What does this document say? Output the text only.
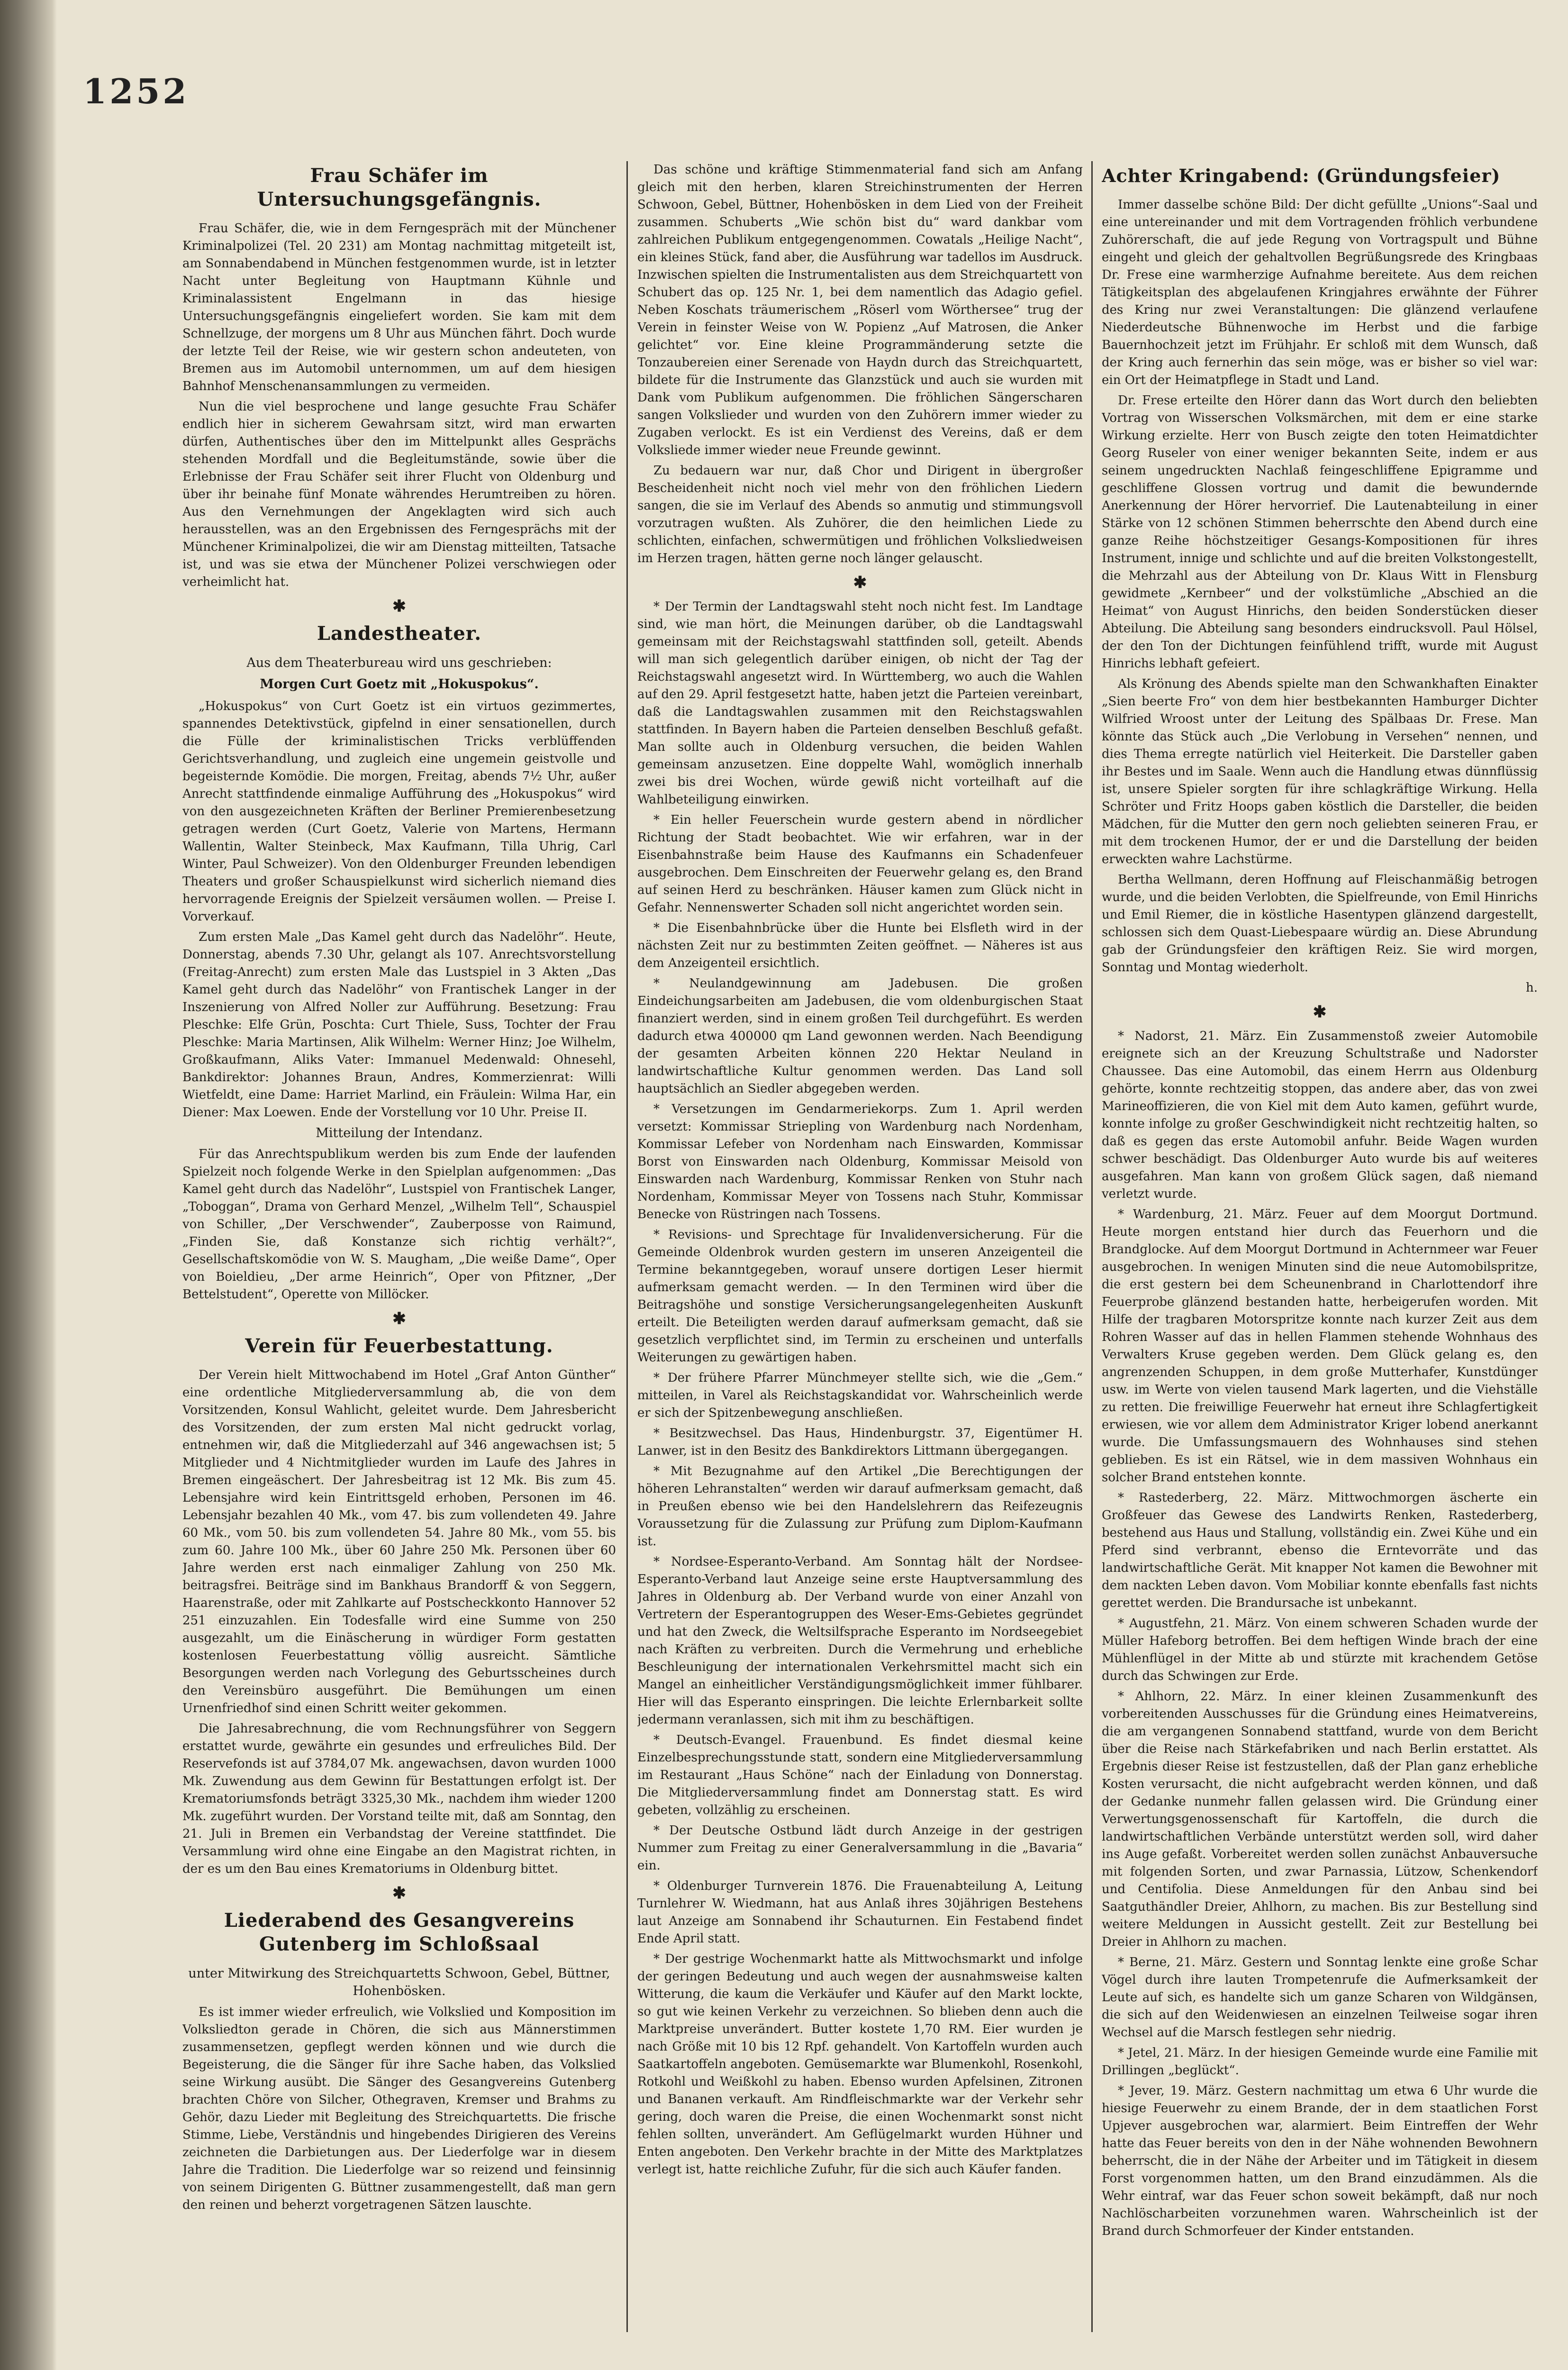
1252
Frau Schäfer im Untersuchungsgefängnis.

Frau Schäfer, die, wie in dem Ferngespräch mit der Münchener Kriminalpolizei (Tel. 20 231) am Montag nachmittag mitgeteilt ist, am Sonnabendabend in München festgenommen wurde, ist in letzter Nacht unter Begleitung von Hauptmann Kühnle und Kriminalassistent Engelmann in das hiesige Untersuchungsgefängnis eingeliefert worden. Sie kam mit dem Schnellzuge, der morgens um 8 Uhr aus München fährt. Doch wurde der letzte Teil der Reise, wie wir gestern schon andeuteten, von Bremen aus im Automobil unternommen, um auf dem hiesigen Bahnhof Menschenansammlungen zu vermeiden.

Nun die viel besprochene und lange gesuchte Frau Schäfer endlich hier in sicherem Gewahrsam sitzt, wird man erwarten dürfen, Authentisches über den im Mittelpunkt alles Gesprächs stehenden Mordfall und die Begleitumstände, sowie über die Erlebnisse der Frau Schäfer seit ihrer Flucht von Oldenburg und über ihr beinahe fünf Monate währendes Herumtreiben zu hören. Aus den Vernehmungen der Angeklagten wird sich auch herausstellen, was an den Ergebnissen des Ferngesprächs mit der Münchener Kriminalpolizei, die wir am Dienstag mitteilten, Tatsache ist, und was sie etwa der Münchener Polizei verschwiegen oder verheimlicht hat.

✱
Landestheater.
Aus dem Theaterbureau wird uns geschrieben:
Morgen Curt Goetz mit „Hokuspokus“.

„Hokuspokus“ von Curt Goetz ist ein virtuos gezimmertes, spannendes Detektivstück, gipfelnd in einer sensationellen, durch die Fülle der kriminalistischen Tricks verblüffenden Gerichtsverhandlung, und zugleich eine ungemein geistvolle und begeisternde Komödie. Die morgen, Freitag, abends 7½ Uhr, außer Anrecht stattfindende einmalige Aufführung des „Hokuspokus“ wird von den ausgezeichneten Kräften der Berliner Premierenbesetzung getragen werden (Curt Goetz, Valerie von Martens, Hermann Wallentin, Walter Steinbeck, Max Kaufmann, Tilla Uhrig, Carl Winter, Paul Schweizer). Von den Oldenburger Freunden lebendigen Theaters und großer Schauspielkunst wird sicherlich niemand dies hervorragende Ereignis der Spielzeit versäumen wollen. — Preise I. Vorverkauf.

Zum ersten Male „Das Kamel geht durch das Nadelöhr“. Heute, Donnerstag, abends 7.30 Uhr, gelangt als 107. Anrechtsvorstellung (Freitag-Anrecht) zum ersten Male das Lustspiel in 3 Akten „Das Kamel geht durch das Nadelöhr“ von Frantischek Langer in der Inszenierung von Alfred Noller zur Aufführung. Besetzung: Frau Pleschke: Elfe Grün, Poschta: Curt Thiele, Suss, Tochter der Frau Pleschke: Maria Martinsen, Alik Wilhelm: Werner Hinz; Joe Wilhelm, Großkaufmann, Aliks Vater: Immanuel Medenwald: Ohnesehl, Bankdirektor: Johannes Braun, Andres, Kommerzienrat: Willi Wietfeldt, eine Dame: Harriet Marlind, ein Fräulein: Wilma Har, ein Diener: Max Loewen. Ende der Vorstellung vor 10 Uhr. Preise II.

Mitteilung der Intendanz.

Für das Anrechtspublikum werden bis zum Ende der laufenden Spielzeit noch folgende Werke in den Spielplan aufgenommen: „Das Kamel geht durch das Nadelöhr“, Lustspiel von Frantischek Langer, „Toboggan“, Drama von Gerhard Menzel, „Wilhelm Tell“, Schauspiel von Schiller, „Der Verschwender“, Zauberposse von Raimund, „Finden Sie, daß Konstanze sich richtig verhält?“, Gesellschaftskomödie von W. S. Maugham, „Die weiße Dame“, Oper von Boieldieu, „Der arme Heinrich“, Oper von Pfitzner, „Der Bettelstudent“, Operette von Millöcker.

✱
Verein für Feuerbestattung.

Der Verein hielt Mittwochabend im Hotel „Graf Anton Günther“ eine ordentliche Mitgliederversammlung ab, die von dem Vorsitzenden, Konsul Wahlicht, geleitet wurde. Dem Jahresbericht des Vorsitzenden, der zum ersten Mal nicht gedruckt vorlag, entnehmen wir, daß die Mitgliederzahl auf 346 angewachsen ist; 5 Mitglieder und 4 Nichtmitglieder wurden im Laufe des Jahres in Bremen eingeäschert. Der Jahresbeitrag ist 12 Mk. Bis zum 45. Lebensjahre wird kein Eintrittsgeld erhoben, Personen im 46. Lebensjahr bezahlen 40 Mk., vom 47. bis zum vollendeten 49. Jahre 60 Mk., vom 50. bis zum vollendeten 54. Jahre 80 Mk., vom 55. bis zum 60. Jahre 100 Mk., über 60 Jahre 250 Mk. Personen über 60 Jahre werden erst nach einmaliger Zahlung von 250 Mk. beitragsfrei. Beiträge sind im Bankhaus Brandorff & von Seggern, Haarenstraße, oder mit Zahlkarte auf Postscheckkonto Hannover 52 251 einzuzahlen. Ein Todesfalle wird eine Summe von 250 ausgezahlt, um die Einäscherung in würdiger Form gestatten kostenlosen Feuerbestattung völlig ausreicht. Sämtliche Besorgungen werden nach Vorlegung des Geburtsscheines durch den Vereinsbüro ausgeführt. Die Bemühungen um einen Urnenfriedhof sind einen Schritt weiter gekommen.

Die Jahresabrechnung, die vom Rechnungsführer von Seggern erstattet wurde, gewährte ein gesundes und erfreuliches Bild. Der Reservefonds ist auf 3784,07 Mk. angewachsen, davon wurden 1000 Mk. Zuwendung aus dem Gewinn für Bestattungen erfolgt ist. Der Krematoriumsfonds beträgt 3325,30 Mk., nachdem ihm wieder 1200 Mk. zugeführt wurden. Der Vorstand teilte mit, daß am Sonntag, den 21. Juli in Bremen ein Verbandstag der Vereine stattfindet. Die Versammlung wird ohne eine Eingabe an den Magistrat richten, in der es um den Bau eines Krematoriums in Oldenburg bittet.

✱
Liederabend des Gesangvereins Gutenberg im Schloßsaal
unter Mitwirkung des Streichquartetts Schwoon, Gebel, Büttner, Hohenbösken.

Es ist immer wieder erfreulich, wie Volkslied und Komposition im Volksliedton gerade in Chören, die sich aus Männerstimmen zusammensetzen, gepflegt werden können und wie durch die Begeisterung, die die Sänger für ihre Sache haben, das Volkslied seine Wirkung ausübt. Die Sänger des Gesangvereins Gutenberg brachten Chöre von Silcher, Othegraven, Kremser und Brahms zu Gehör, dazu Lieder mit Begleitung des Streichquartetts. Die frische Stimme, Liebe, Verständnis und hingebendes Dirigieren des Vereins zeichneten die Darbietungen aus. Der Liederfolge war in diesem Jahre die Tradition. Die Liederfolge war so reizend und feinsinnig von seinem Dirigenten G. Büttner zusammengestellt, daß man gern den reinen und beherzt vorgetragenen Sätzen lauschte.

Das schöne und kräftige Stimmenmaterial fand sich am Anfang gleich mit den herben, klaren Streichinstrumenten der Herren Schwoon, Gebel, Büttner, Hohenbösken in dem Lied von der Freiheit zusammen. Schuberts „Wie schön bist du“ ward dankbar vom zahlreichen Publikum entgegengenommen. Cowatals „Heilige Nacht“, ein kleines Stück, fand aber, die Ausführung war tadellos im Ausdruck. Inzwischen spielten die Instrumentalisten aus dem Streichquartett von Schubert das op. 125 Nr. 1, bei dem namentlich das Adagio gefiel. Neben Koschats träumerischem „Röserl vom Wörthersee“ trug der Verein in feinster Weise von W. Popienz „Auf Matrosen, die Anker gelichtet“ vor. Eine kleine Programmänderung setzte die Tonzaubereien einer Serenade von Haydn durch das Streichquartett, bildete für die Instrumente das Glanzstück und auch sie wurden mit Dank vom Publikum aufgenommen. Die fröhlichen Sängerscharen sangen Volkslieder und wurden von den Zuhörern immer wieder zu Zugaben verlockt. Es ist ein Verdienst des Vereins, daß er dem Volksliede immer wieder neue Freunde gewinnt.

Zu bedauern war nur, daß Chor und Dirigent in übergroßer Bescheidenheit nicht noch viel mehr von den fröhlichen Liedern sangen, die sie im Verlauf des Abends so anmutig und stimmungsvoll vorzutragen wußten. Als Zuhörer, die den heimlichen Liede zu schlichten, einfachen, schwermütigen und fröhlichen Volksliedweisen im Herzen tragen, hätten gerne noch länger gelauscht.

✱

* Der Termin der Landtagswahl steht noch nicht fest. Im Landtage sind, wie man hört, die Meinungen darüber, ob die Landtagswahl gemeinsam mit der Reichstagswahl stattfinden soll, geteilt. Abends will man sich gelegentlich darüber einigen, ob nicht der Tag der Reichstagswahl angesetzt wird. In Württemberg, wo auch die Wahlen auf den 29. April festgesetzt hatte, haben jetzt die Parteien vereinbart, daß die Landtagswahlen zusammen mit den Reichstagswahlen stattfinden. In Bayern haben die Parteien denselben Beschluß gefaßt. Man sollte auch in Oldenburg versuchen, die beiden Wahlen gemeinsam anzusetzen. Eine doppelte Wahl, womöglich innerhalb zwei bis drei Wochen, würde gewiß nicht vorteilhaft auf die Wahlbeteiligung einwirken.

* Ein heller Feuerschein wurde gestern abend in nördlicher Richtung der Stadt beobachtet. Wie wir erfahren, war in der Eisenbahnstraße beim Hause des Kaufmanns ein Schadenfeuer ausgebrochen. Dem Einschreiten der Feuerwehr gelang es, den Brand auf seinen Herd zu beschränken. Häuser kamen zum Glück nicht in Gefahr. Nennenswerter Schaden soll nicht angerichtet worden sein.

* Die Eisenbahnbrücke über die Hunte bei Elsfleth wird in der nächsten Zeit nur zu bestimmten Zeiten geöffnet. — Näheres ist aus dem Anzeigenteil ersichtlich.

* Neulandgewinnung am Jadebusen. Die großen Eindeichungsarbeiten am Jadebusen, die vom oldenburgischen Staat finanziert werden, sind in einem großen Teil durchgeführt. Es werden dadurch etwa 400000 qm Land gewonnen werden. Nach Beendigung der gesamten Arbeiten können 220 Hektar Neuland in landwirtschaftliche Kultur genommen werden. Das Land soll hauptsächlich an Siedler abgegeben werden.

* Versetzungen im Gendarmeriekorps. Zum 1. April werden versetzt: Kommissar Striepling von Wardenburg nach Nordenham, Kommissar Lefeber von Nordenham nach Einswarden, Kommissar Borst von Einswarden nach Oldenburg, Kommissar Meisold von Einswarden nach Wardenburg, Kommissar Renken von Stuhr nach Nordenham, Kommissar Meyer von Tossens nach Stuhr, Kommissar Benecke von Rüstringen nach Tossens.

* Revisions- und Sprechtage für Invalidenversicherung. Für die Gemeinde Oldenbrok wurden gestern im unseren Anzeigenteil die Termine bekanntgegeben, worauf unsere dortigen Leser hiermit aufmerksam gemacht werden. — In den Terminen wird über die Beitragshöhe und sonstige Versicherungsangelegenheiten Auskunft erteilt. Die Beteiligten werden darauf aufmerksam gemacht, daß sie gesetzlich verpflichtet sind, im Termin zu erscheinen und unterfalls Weiterungen zu gewärtigen haben.

* Der frühere Pfarrer Münchmeyer stellte sich, wie die „Gem.“ mitteilen, in Varel als Reichstagskandidat vor. Wahrscheinlich werde er sich der Spitzenbewegung anschließen.

* Besitzwechsel. Das Haus, Hindenburgstr. 37, Eigentümer H. Lanwer, ist in den Besitz des Bankdirektors Littmann übergegangen.

* Mit Bezugnahme auf den Artikel „Die Berechtigungen der höheren Lehranstalten“ werden wir darauf aufmerksam gemacht, daß in Preußen ebenso wie bei den Handelslehrern das Reifezeugnis Voraussetzung für die Zulassung zur Prüfung zum Diplom-Kaufmann ist.

* Nordsee-Esperanto-Verband. Am Sonntag hält der Nordsee-Esperanto-Verband laut Anzeige seine erste Hauptversammlung des Jahres in Oldenburg ab. Der Verband wurde von einer Anzahl von Vertretern der Esperantogruppen des Weser-Ems-Gebietes gegründet und hat den Zweck, die Weltsilfsprache Esperanto im Nordseegebiet nach Kräften zu verbreiten. Durch die Vermehrung und erhebliche Beschleunigung der internationalen Verkehrsmittel macht sich ein Mangel an einheitlicher Verständigungsmöglichkeit immer fühlbarer. Hier will das Esperanto einspringen. Die leichte Erlernbarkeit sollte jedermann veranlassen, sich mit ihm zu beschäftigen.

* Deutsch-Evangel. Frauenbund. Es findet diesmal keine Einzelbesprechungsstunde statt, sondern eine Mitgliederversammlung im Restaurant „Haus Schöne“ nach der Einladung von Donnerstag. Die Mitgliederversammlung findet am Donnerstag statt. Es wird gebeten, vollzählig zu erscheinen.

* Der Deutsche Ostbund lädt durch Anzeige in der gestrigen Nummer zum Freitag zu einer Generalversammlung in die „Bavaria“ ein.

* Oldenburger Turnverein 1876. Die Frauenabteilung A, Leitung Turnlehrer W. Wiedmann, hat aus Anlaß ihres 30jährigen Bestehens laut Anzeige am Sonnabend ihr Schauturnen. Ein Festabend findet Ende April statt.

* Der gestrige Wochenmarkt hatte als Mittwochsmarkt und infolge der geringen Bedeutung und auch wegen der ausnahmsweise kalten Witterung, die kaum die Verkäufer und Käufer auf den Markt lockte, so gut wie keinen Verkehr zu verzeichnen. So blieben denn auch die Marktpreise unverändert. Butter kostete 1,70 RM. Eier wurden je nach Größe mit 10 bis 12 Rpf. gehandelt. Von Kartoffeln wurden auch Saatkartoffeln angeboten. Gemüsemarkte war Blumenkohl, Rosenkohl, Rotkohl und Weißkohl zu haben. Ebenso wurden Apfelsinen, Zitronen und Bananen verkauft. Am Rindfleischmarkte war der Verkehr sehr gering, doch waren die Preise, die einen Wochenmarkt sonst nicht fehlen sollten, unverändert. Am Geflügelmarkt wurden Hühner und Enten angeboten. Den Verkehr brachte in der Mitte des Marktplatzes verlegt ist, hatte reichliche Zufuhr, für die sich auch Käufer fanden.

Achter Kringabend: (Gründungsfeier)

Immer dasselbe schöne Bild: Der dicht gefüllte „Unions“-Saal und eine untereinander und mit dem Vortragenden fröhlich verbundene Zuhörerschaft, die auf jede Regung von Vortragspult und Bühne eingeht und gleich der gehaltvollen Begrüßungsrede des Kringbaas Dr. Frese eine warmherzige Aufnahme bereitete. Aus dem reichen Tätigkeitsplan des abgelaufenen Kringjahres erwähnte der Führer des Kring nur zwei Veranstaltungen: Die glänzend verlaufene Niederdeutsche Bühnenwoche im Herbst und die farbige Bauernhochzeit jetzt im Frühjahr. Er schloß mit dem Wunsch, daß der Kring auch fernerhin das sein möge, was er bisher so viel war: ein Ort der Heimatpflege in Stadt und Land.

Dr. Frese erteilte den Hörer dann das Wort durch den beliebten Vortrag von Wisserschen Volksmärchen, mit dem er eine starke Wirkung erzielte. Herr von Busch zeigte den toten Heimatdichter Georg Ruseler von einer weniger bekannten Seite, indem er aus seinem ungedruckten Nachlaß feingeschliffene Epigramme und geschliffene Glossen vortrug und damit die bewundernde Anerkennung der Hörer hervorrief. Die Lautenabteilung in einer Stärke von 12 schönen Stimmen beherrschte den Abend durch eine ganze Reihe höchstzeitiger Gesangs-Kompositionen für ihres Instrument, innige und schlichte und auf die breiten Volkstongestellt, die Mehrzahl aus der Abteilung von Dr. Klaus Witt in Flensburg gewidmete „Kernbeer“ und der volkstümliche „Abschied an die Heimat“ von August Hinrichs, den beiden Sonderstücken dieser Abteilung. Die Abteilung sang besonders eindrucksvoll. Paul Hölsel, der den Ton der Dichtungen feinfühlend trifft, wurde mit August Hinrichs lebhaft gefeiert.

Als Krönung des Abends spielte man den Schwankhaften Einakter „Sien beerte Fro“ von dem hier bestbekannten Hamburger Dichter Wilfried Wroost unter der Leitung des Spälbaas Dr. Frese. Man könnte das Stück auch „Die Verlobung in Versehen“ nennen, und dies Thema erregte natürlich viel Heiterkeit. Die Darsteller gaben ihr Bestes und im Saale. Wenn auch die Handlung etwas dünnflüssig ist, unsere Spieler sorgten für ihre schlagkräftige Wirkung. Hella Schröter und Fritz Hoops gaben köstlich die Darsteller, die beiden Mädchen, für die Mutter den gern noch geliebten seineren Frau, er mit dem trockenen Humor, der er und die Darstellung der beiden erweckten wahre Lachstürme.

Bertha Wellmann, deren Hoffnung auf Fleischanmäßig betrogen wurde, und die beiden Verlobten, die Spielfreunde, von Emil Hinrichs und Emil Riemer, die in köstliche Hasentypen glänzend dargestellt, schlossen sich dem Quast-Liebespaare würdig an. Diese Abrundung gab der Gründungsfeier den kräftigen Reiz. Sie wird morgen, Sonntag und Montag wiederholt.

h.

✱

* Nadorst, 21. März. Ein Zusammenstoß zweier Automobile ereignete sich an der Kreuzung Schultstraße und Nadorster Chaussee. Das eine Automobil, das einem Herrn aus Oldenburg gehörte, konnte rechtzeitig stoppen, das andere aber, das von zwei Marineoffizieren, die von Kiel mit dem Auto kamen, geführt wurde, konnte infolge zu großer Geschwindigkeit nicht rechtzeitig halten, so daß es gegen das erste Automobil anfuhr. Beide Wagen wurden schwer beschädigt. Das Oldenburger Auto wurde bis auf weiteres ausgefahren. Man kann von großem Glück sagen, daß niemand verletzt wurde.

* Wardenburg, 21. März. Feuer auf dem Moorgut Dortmund. Heute morgen entstand hier durch das Feuerhorn und die Brandglocke. Auf dem Moorgut Dortmund in Achternmeer war Feuer ausgebrochen. In wenigen Minuten sind die neue Automobilspritze, die erst gestern bei dem Scheunenbrand in Charlottendorf ihre Feuerprobe glänzend bestanden hatte, herbeigerufen worden. Mit Hilfe der tragbaren Motorspritze konnte nach kurzer Zeit aus dem Rohren Wasser auf das in hellen Flammen stehende Wohnhaus des Verwalters Kruse gegeben werden. Dem Glück gelang es, den angrenzenden Schuppen, in dem große Mutterhafer, Kunstdünger usw. im Werte von vielen tausend Mark lagerten, und die Viehställe zu retten. Die freiwillige Feuerwehr hat erneut ihre Schlagfertigkeit erwiesen, wie vor allem dem Administrator Kriger lobend anerkannt wurde. Die Umfassungsmauern des Wohnhauses sind stehen geblieben. Es ist ein Rätsel, wie in dem massiven Wohnhaus ein solcher Brand entstehen konnte.

* Rastederberg, 22. März. Mittwochmorgen äscherte ein Großfeuer das Gewese des Landwirts Renken, Rastederberg, bestehend aus Haus und Stallung, vollständig ein. Zwei Kühe und ein Pferd sind verbrannt, ebenso die Erntevorräte und das landwirtschaftliche Gerät. Mit knapper Not kamen die Bewohner mit dem nackten Leben davon. Vom Mobiliar konnte ebenfalls fast nichts gerettet werden. Die Brandursache ist unbekannt.

* Augustfehn, 21. März. Von einem schweren Schaden wurde der Müller Hafeborg betroffen. Bei dem heftigen Winde brach der eine Mühlenflügel in der Mitte ab und stürzte mit krachendem Getöse durch das Schwingen zur Erde.

* Ahlhorn, 22. März. In einer kleinen Zusammenkunft des vorbereitenden Ausschusses für die Gründung eines Heimatvereins, die am vergangenen Sonnabend stattfand, wurde von dem Bericht über die Reise nach Stärkefabriken und nach Berlin erstattet. Als Ergebnis dieser Reise ist festzustellen, daß der Plan ganz erhebliche Kosten verursacht, die nicht aufgebracht werden können, und daß der Gedanke nunmehr fallen gelassen wird. Die Gründung einer Verwertungsgenossenschaft für Kartoffeln, die durch die landwirtschaftlichen Verbände unterstützt werden soll, wird daher ins Auge gefaßt. Vorbereitet werden sollen zunächst Anbauversuche mit folgenden Sorten, und zwar Parnassia, Lützow, Schenkendorf und Centifolia. Diese Anmeldungen für den Anbau sind bei Saatguthändler Dreier, Ahlhorn, zu machen. Bis zur Bestellung sind weitere Meldungen in Aussicht gestellt. Zeit zur Bestellung bei Dreier in Ahlhorn zu machen.

* Berne, 21. März. Gestern und Sonntag lenkte eine große Schar Vögel durch ihre lauten Trompetenrufe die Aufmerksamkeit der Leute auf sich, es handelte sich um ganze Scharen von Wildgänsen, die sich auf den Weidenwiesen an einzelnen Teilweise sogar ihren Wechsel auf die Marsch festlegen sehr niedrig.

* Jetel, 21. März. In der hiesigen Gemeinde wurde eine Familie mit Drillingen „beglückt“.

* Jever, 19. März. Gestern nachmittag um etwa 6 Uhr wurde die hiesige Feuerwehr zu einem Brande, der in dem staatlichen Forst Upjever ausgebrochen war, alarmiert. Beim Eintreffen der Wehr hatte das Feuer bereits von den in der Nähe wohnenden Bewohnern beherrscht, die in der Nähe der Arbeiter und im Tätigkeit in diesem Forst vorgenommen hatten, um den Brand einzudämmen. Als die Wehr eintraf, war das Feuer schon soweit bekämpft, daß nur noch Nachlöscharbeiten vorzunehmen waren. Wahrscheinlich ist der Brand durch Schmorfeuer der Kinder entstanden.
